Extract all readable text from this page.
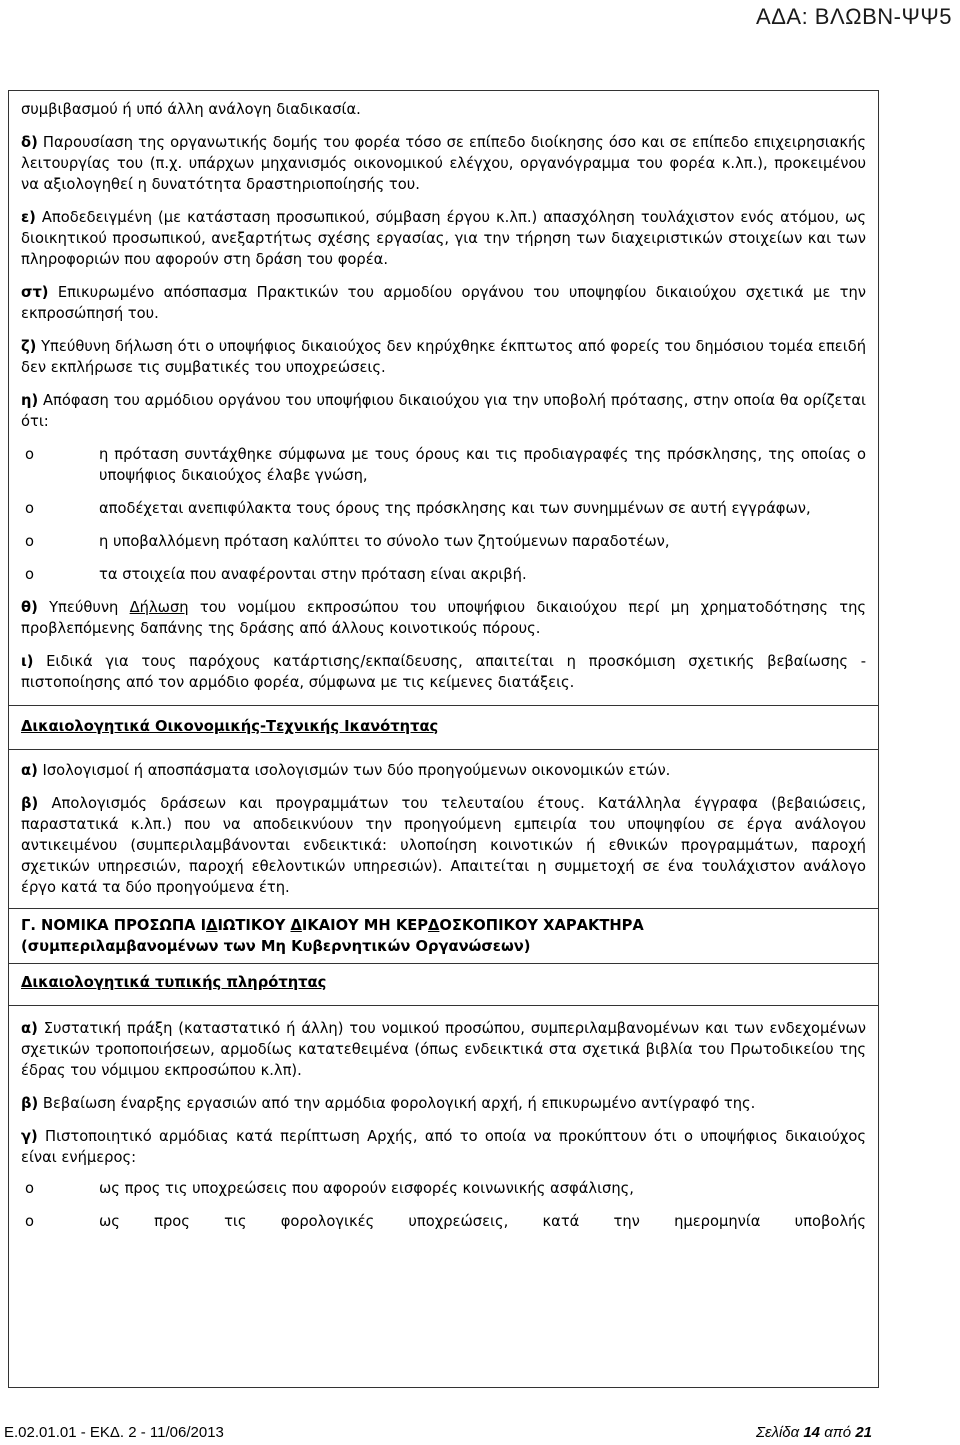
ΑΔΑ: ΒΛΩΒΝ-ΨΨ5

συμβιβασμού ή υπό άλλη ανάλογη διαδικασία.

δ) Παρουσίαση της οργανωτικής δομής του φορέα τόσο σε επίπεδο διοίκησης όσο και σε επίπεδο επιχειρησιακής λειτουργίας του (π.χ. υπάρχων μηχανισμός οικονομικού ελέγχου, οργανόγραμμα του φορέα κ.λπ.), προκειμένου να αξιολογηθεί η δυνατότητα δραστηριοποίησής του.

ε) Αποδεδειγμένη (με κατάσταση προσωπικού, σύμβαση έργου κ.λπ.) απασχόληση τουλάχιστον ενός ατόμου, ως διοικητικού προσωπικού, ανεξαρτήτως σχέσης εργασίας, για την τήρηση των διαχειριστικών στοιχείων και των πληροφοριών που αφορούν στη δράση του φορέα.

στ) Επικυρωμένο απόσπασμα Πρακτικών του αρμοδίου οργάνου του υποψηφίου δικαιούχου σχετικά με την εκπροσώπησή του.

ζ) Υπεύθυνη δήλωση ότι ο υποψήφιος δικαιούχος δεν κηρύχθηκε έκπτωτος από φορείς του δημόσιου τομέα επειδή δεν εκπλήρωσε τις συμβατικές του υποχρεώσεις.

η) Απόφαση του αρμόδιου οργάνου του υποψήφιου δικαιούχου για την υποβολή πρότασης, στην οποία θα ορίζεται ότι:

o	η πρόταση συντάχθηκε σύμφωνα με τους όρους και τις προδιαγραφές της πρόσκλησης, της οποίας ο υποψήφιος δικαιούχος έλαβε γνώση,

o	αποδέχεται ανεπιφύλακτα τους όρους της πρόσκλησης και των συνημμένων σε αυτή εγγράφων,

o	η υποβαλλόμενη πρόταση καλύπτει το σύνολο των ζητούμενων παραδοτέων,

o	τα στοιχεία που αναφέρονται στην πρόταση είναι ακριβή.

θ) Υπεύθυνη Δήλωση του νομίμου εκπροσώπου του υποψήφιου δικαιούχου περί μη χρηματοδότησης της προβλεπόμενης δαπάνης της δράσης από άλλους κοινοτικούς πόρους.

ι) Ειδικά για τους παρόχους κατάρτισης/εκπαίδευσης, απαιτείται η προσκόμιση σχετικής βεβαίωσης - πιστοποίησης από τον αρμόδιο φορέα, σύμφωνα με τις κείμενες διατάξεις.

Δικαιολογητικά Οικονομικής-Τεχνικής Ικανότητας

α) Ισολογισμοί ή αποσπάσματα ισολογισμών των δύο προηγούμενων οικονομικών ετών.

β) Απολογισμός δράσεων και προγραμμάτων του τελευταίου έτους. Κατάλληλα έγγραφα (βεβαιώσεις, παραστατικά κ.λπ.) που να αποδεικνύουν την προηγούμενη εμπειρία του υποψηφίου σε έργα ανάλογου αντικειμένου (συμπεριλαμβάνονται ενδεικτικά: υλοποίηση κοινοτικών ή εθνικών προγραμμάτων, παροχή σχετικών υπηρεσιών, παροχή εθελοντικών υπηρεσιών). Απαιτείται η συμμετοχή σε ένα τουλάχιστον ανάλογο έργο κατά τα δύο προηγούμενα έτη.

Γ. ΝΟΜΙΚΑ ΠΡΟΣΩΠΑ ΙΔΙΩΤΙΚΟΥ ΔΙΚΑΙΟΥ ΜΗ ΚΕΡΔΟΣΚΟΠΙΚΟΥ ΧΑΡΑΚΤΗΡΑ

(συμπεριλαμβανομένων των Μη Κυβερνητικών Οργανώσεων)

Δικαιολογητικά τυπικής πληρότητας

α) Συστατική πράξη (καταστατικό ή άλλη) του νομικού προσώπου, συμπεριλαμβανομένων και των ενδεχομένων σχετικών τροποποιήσεων, αρμοδίως κατατεθειμένα (όπως ενδεικτικά στα σχετικά βιβλία του Πρωτοδικείου της έδρας του νόμιμου εκπροσώπου κ.λπ).

β) Βεβαίωση έναρξης εργασιών από την αρμόδια φορολογική αρχή, ή επικυρωμένο αντίγραφό της.

γ) Πιστοποιητικό αρμόδιας κατά περίπτωση Αρχής, από το οποία να προκύπτουν ότι ο υποψήφιος δικαιούχος είναι ενήμερος:

o	ως προς τις υποχρεώσεις που αφορούν εισφορές κοινωνικής ασφάλισης,

o	ως προς τις φορολογικές υποχρεώσεις, κατά την ημερομηνία υποβολής

Ε.02.01.01 - ΕΚΔ. 2 - 11/06/2013	Σελίδα 14 από 21
